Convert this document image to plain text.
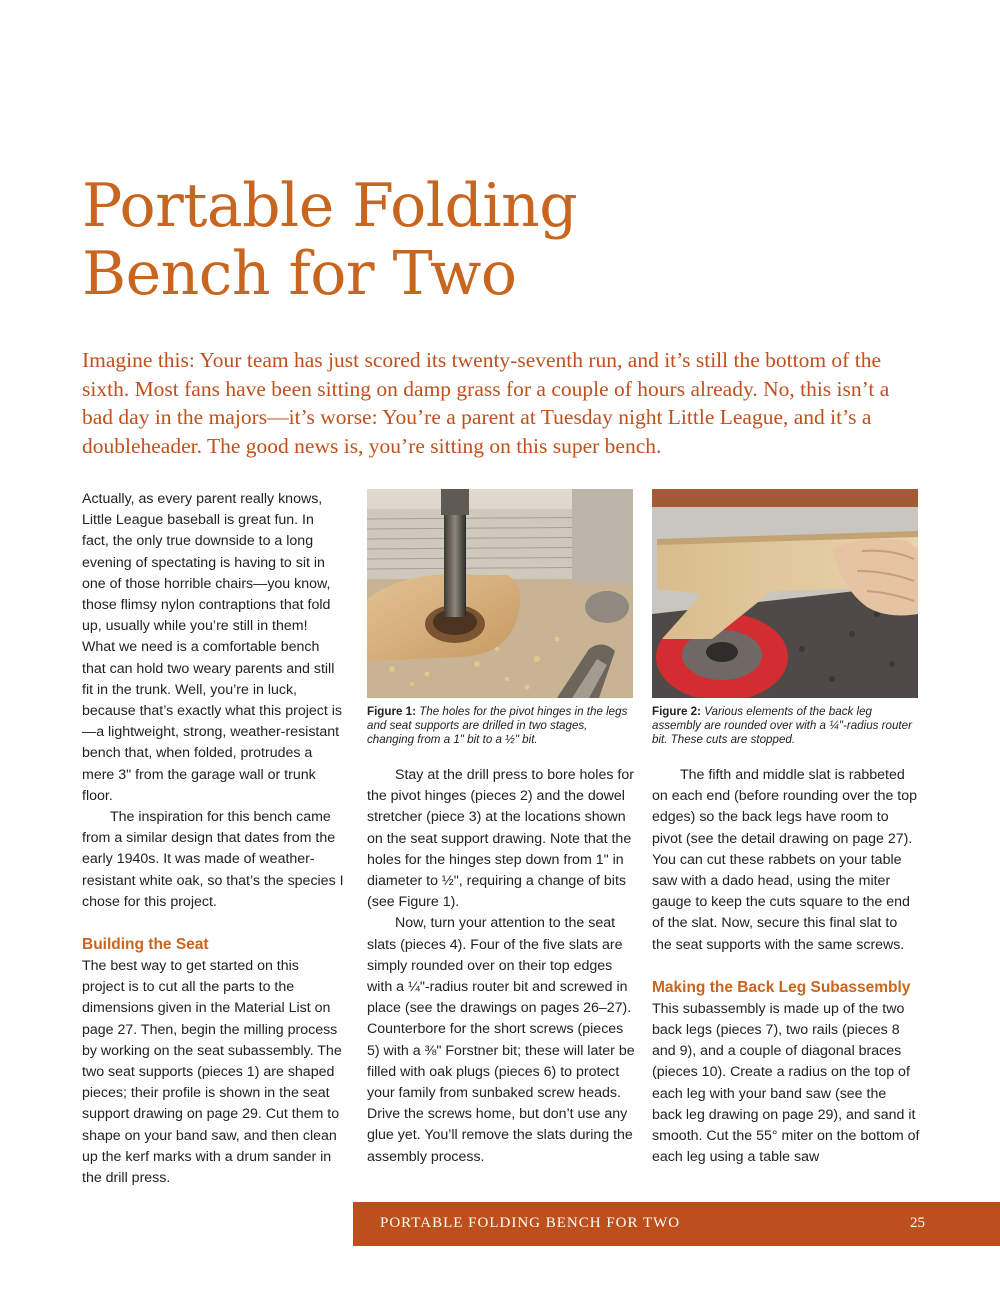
Portable Folding
Bench for Two

Imagine this: Your team has just scored its twenty-seventh run, and it’s still the bottom of the sixth. Most fans have been sitting on damp grass for a couple of hours already. No, this isn’t a bad day in the majors—it’s worse: You’re a parent at Tuesday night Little League, and it’s a doubleheader. The good news is, you’re sitting on this super bench.

Actually, as every parent really knows, Little League baseball is great fun. In fact, the only true downside to a long evening of spectating is having to sit in one of those horrible chairs—you know, those flimsy nylon contraptions that fold up, usually while you’re still in them! What we need is a comfortable bench that can hold two weary parents and still fit in the trunk. Well, you’re in luck, because that’s exactly what this project is—a lightweight, strong, weather-resistant bench that, when folded, protrudes a mere 3" from the garage wall or trunk floor.

The inspiration for this bench came from a similar design that dates from the early 1940s. It was made of weather-resistant white oak, so that’s the species I chose for this project.

Building the Seat

The best way to get started on this project is to cut all the parts to the dimensions given in the Material List on page 27. Then, begin the milling process by working on the seat subassembly. The two seat supports (pieces 1) are shaped pieces; their profile is shown in the seat support drawing on page 29. Cut them to shape on your band saw, and then clean up the kerf marks with a drum sander in the drill press.

Figure 1: The holes for the pivot hinges in the legs and seat supports are drilled in two stages, changing from a 1" bit to a ½" bit.
Figure 2: Various elements of the back leg assembly are rounded over with a ¼"-radius router bit. These cuts are stopped.

Stay at the drill press to bore holes for the pivot hinges (pieces 2) and the dowel stretcher (piece 3) at the locations shown on the seat support drawing. Note that the holes for the hinges step down from 1" in diameter to ½", requiring a change of bits (see Figure 1).

Now, turn your attention to the seat slats (pieces 4). Four of the five slats are simply rounded over on their top edges with a ¼"-radius router bit and screwed in place (see the drawings on pages 26–27). Counterbore for the short screws (pieces 5) with a ⅜" Forstner bit; these will later be filled with oak plugs (pieces 6) to protect your family from sunbaked screw heads. Drive the screws home, but don’t use any glue yet. You’ll remove the slats during the assembly process.

The fifth and middle slat is rabbeted on each end (before rounding over the top edges) so the back legs have room to pivot (see the detail drawing on page 27). You can cut these rabbets on your table saw with a dado head, using the miter gauge to keep the cuts square to the end of the slat. Now, secure this final slat to the seat supports with the same screws.

Making the Back Leg Subassembly

This subassembly is made up of the two back legs (pieces 7), two rails (pieces 8 and 9), and a couple of diagonal braces (pieces 10). Create a radius on the top of each leg with your band saw (see the back leg drawing on page 29), and sand it smooth. Cut the 55° miter on the bottom of each leg using a table saw

PORTABLE FOLDING BENCH FOR TWO	25
